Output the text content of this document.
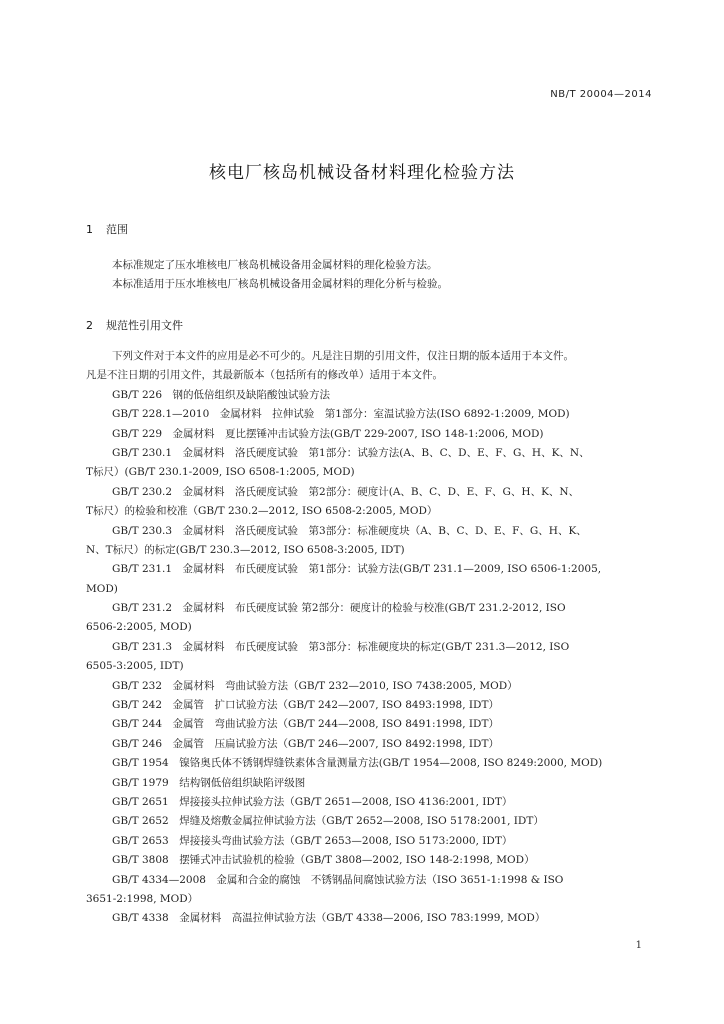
NB/T 20004—2014
核电厂核岛机械设备材料理化检验方法
1 范围
本标准规定了压水堆核电厂核岛机械设备用金属材料的理化检验方法。
本标准适用于压水堆核电厂核岛机械设备用金属材料的理化分析与检验。
2 规范性引用文件
下列文件对于本文件的应用是必不可少的。凡是注日期的引用文件，仅注日期的版本适用于本文件。
凡是不注日期的引用文件，其最新版本（包括所有的修改单）适用于本文件。
GB/T 226　钢的低倍组织及缺陷酸蚀试验方法
GB/T 228.1—2010　金属材料　拉伸试验　第1部分：室温试验方法(ISO 6892-1:2009, MOD)
GB/T 229　金属材料　夏比摆锤冲击试验方法(GB/T 229-2007, ISO 148-1:2006, MOD)
GB/T 230.1　金属材料　洛氏硬度试验　第1部分：试验方法(A、B、C、D、E、F、G、H、K、N、
T标尺）(GB/T 230.1-2009, ISO 6508-1:2005, MOD)
GB/T 230.2　金属材料　洛氏硬度试验　第2部分：硬度计(A、B、C、D、E、F、G、H、K、N、
T标尺）的检验和校准（GB/T 230.2—2012, ISO 6508-2:2005, MOD）
GB/T 230.3　金属材料　洛氏硬度试验　第3部分：标准硬度块（A、B、C、D、E、F、G、H、K、
N、T标尺）的标定(GB/T 230.3—2012, ISO 6508-3:2005, IDT)
GB/T 231.1　金属材料　布氏硬度试验　第1部分：试验方法(GB/T 231.1—2009, ISO 6506-1:2005,
MOD)
GB/T 231.2　金属材料　布氏硬度试验 第2部分：硬度计的检验与校准(GB/T 231.2-2012, ISO
6506-2:2005, MOD)
GB/T 231.3　金属材料　布氏硬度试验　第3部分：标准硬度块的标定(GB/T 231.3—2012, ISO
6505-3:2005, IDT)
GB/T 232　金属材料　弯曲试验方法（GB/T 232—2010, ISO 7438:2005, MOD）
GB/T 242　金属管　扩口试验方法（GB/T 242—2007, ISO 8493:1998, IDT）
GB/T 244　金属管　弯曲试验方法（GB/T 244—2008, ISO 8491:1998, IDT）
GB/T 246　金属管　压扁试验方法（GB/T 246—2007, ISO 8492:1998, IDT）
GB/T 1954　镍铬奥氏体不锈钢焊缝铁素体含量测量方法(GB/T 1954—2008, ISO 8249:2000, MOD)
GB/T 1979　结构钢低倍组织缺陷评级图
GB/T 2651　焊接接头拉伸试验方法（GB/T 2651—2008, ISO 4136:2001, IDT）
GB/T 2652　焊缝及熔敷金属拉伸试验方法（GB/T 2652—2008, ISO 5178:2001, IDT）
GB/T 2653　焊接接头弯曲试验方法（GB/T 2653—2008, ISO 5173:2000, IDT）
GB/T 3808　摆锤式冲击试验机的检验（GB/T 3808—2002, ISO 148-2:1998, MOD）
GB/T 4334—2008　金属和合金的腐蚀　不锈钢晶间腐蚀试验方法（ISO 3651-1:1998 & ISO
3651-2:1998, MOD）
GB/T 4338　金属材料　高温拉伸试验方法（GB/T 4338—2006, ISO 783:1999, MOD）
1
